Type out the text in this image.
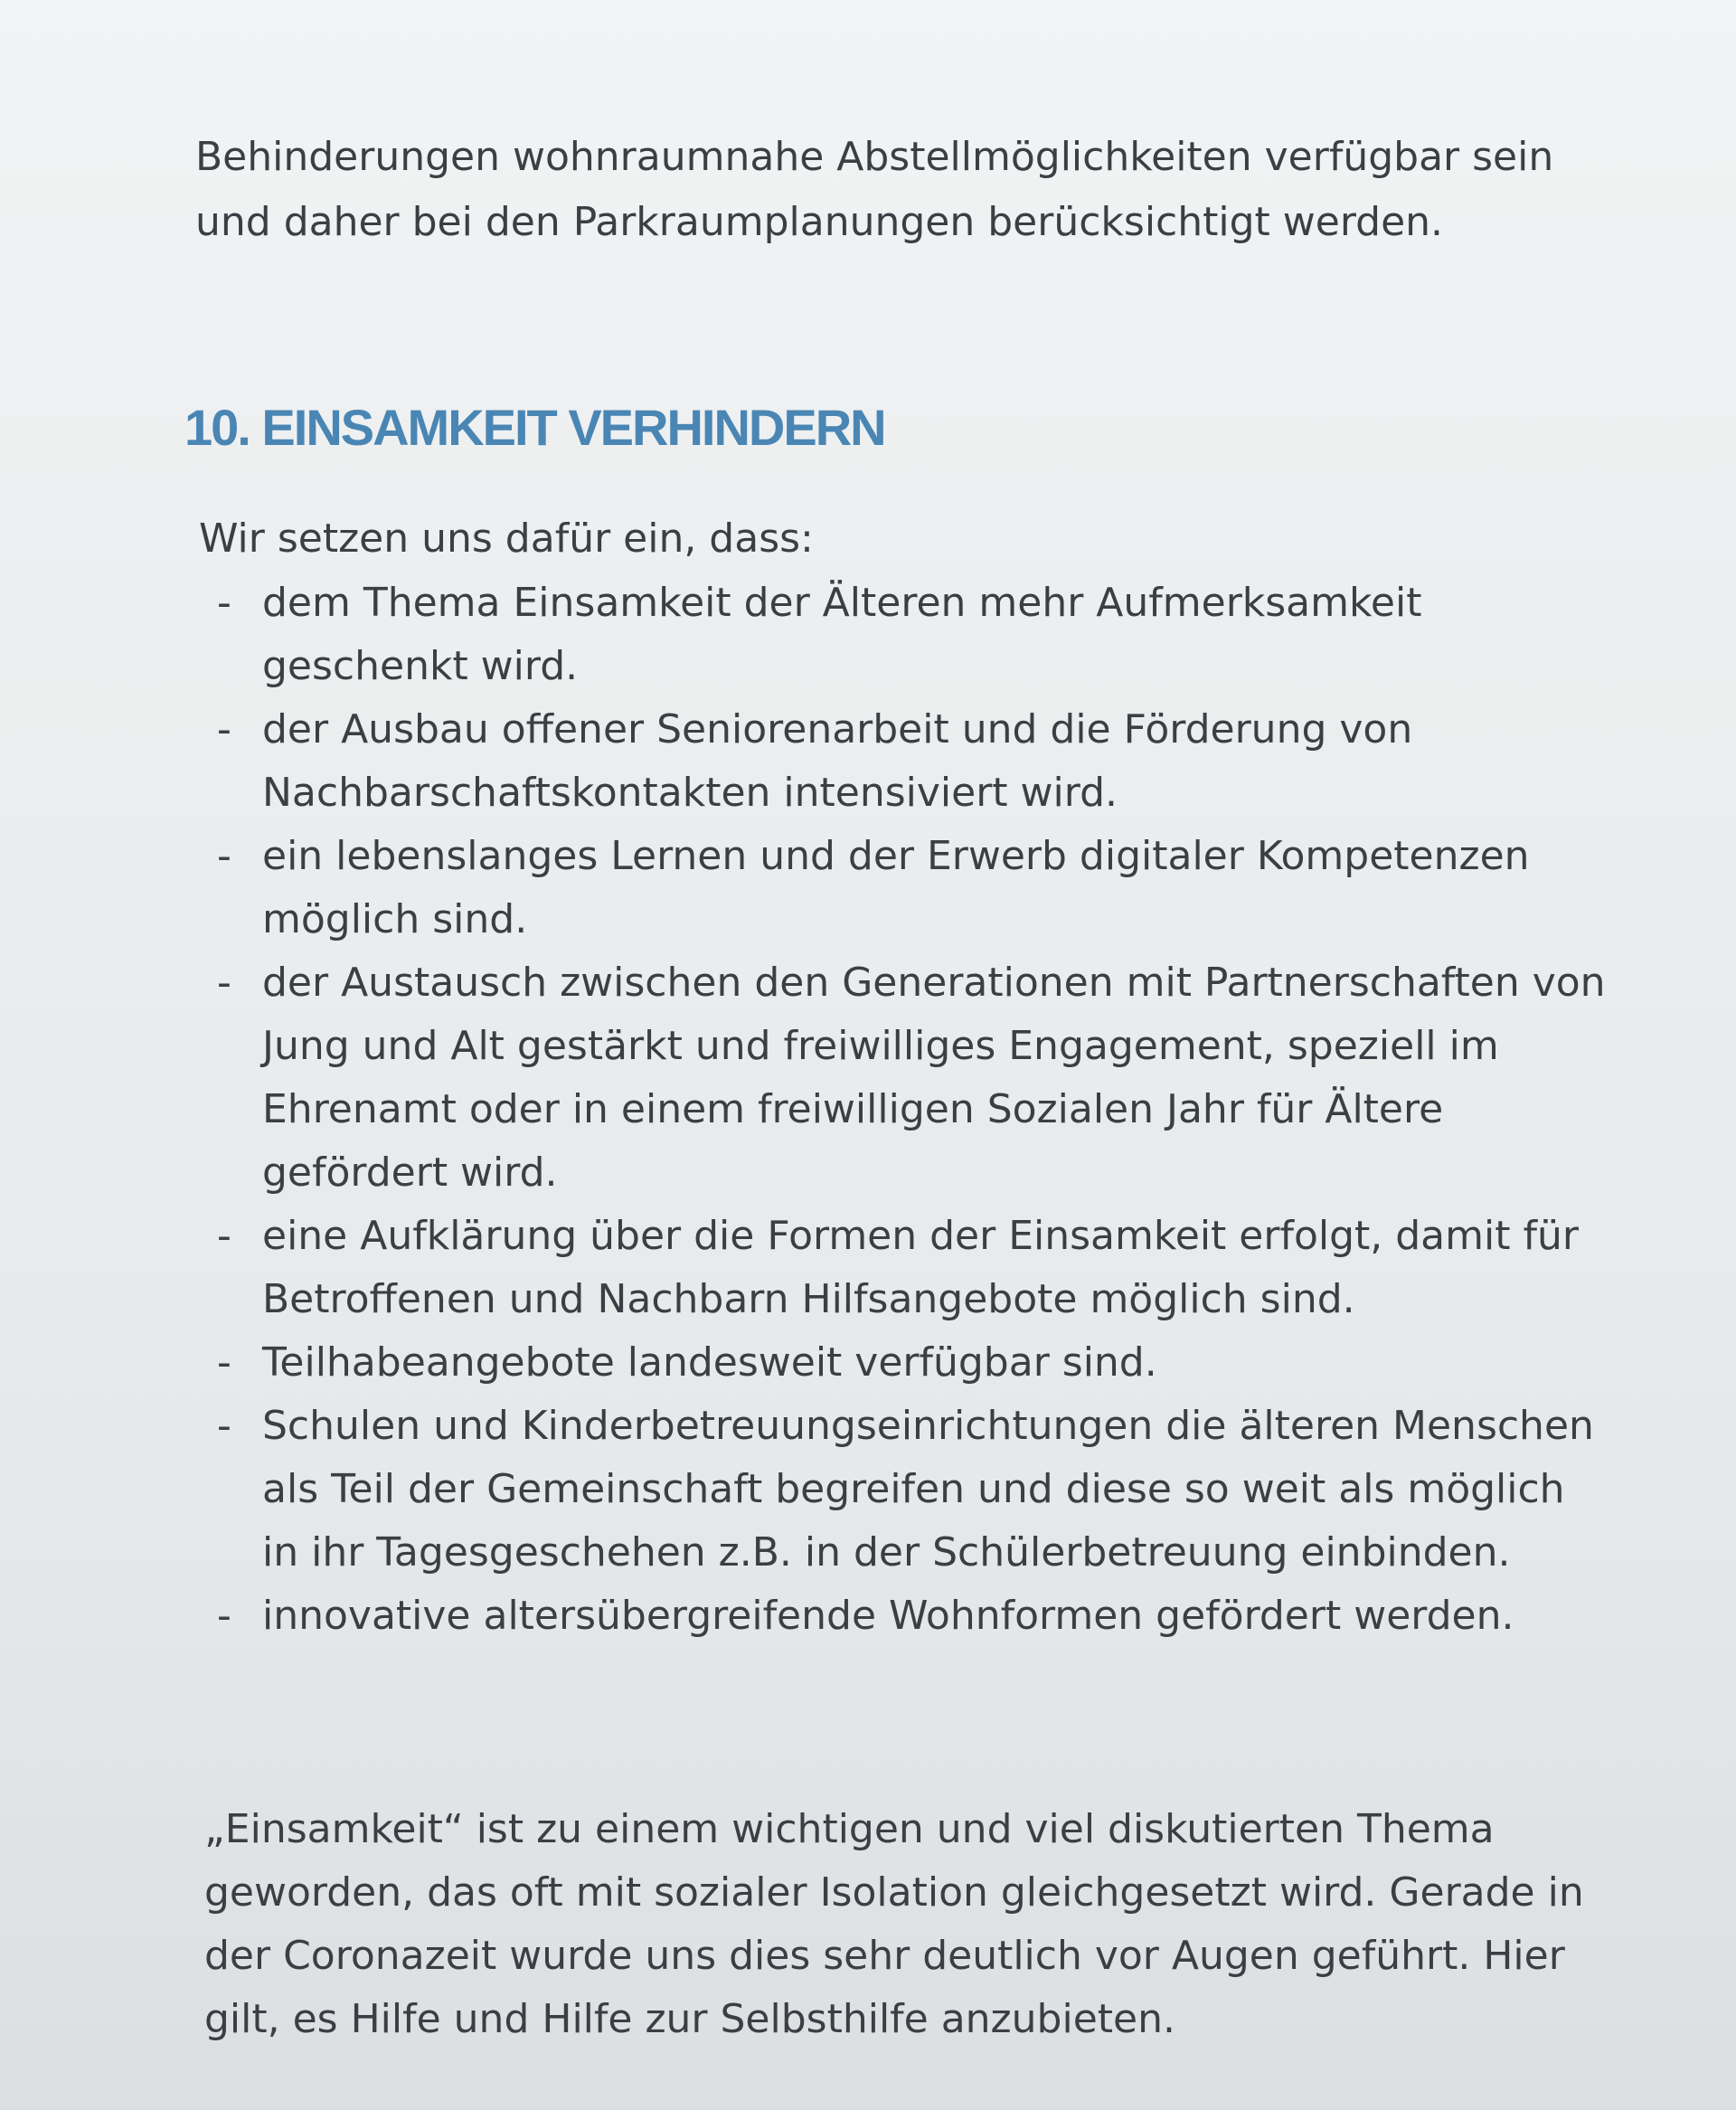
Behinderungen wohnraumnahe Abstellmöglichkeiten verfügbar sein und daher bei den Parkraumplanungen berücksichtigt werden.

10. EINSAMKEIT VERHINDERN

Wir setzen uns dafür ein, dass:

- dem Thema Einsamkeit der Älteren mehr Aufmerksamkeit geschenkt wird.
- der Ausbau offener Seniorenarbeit und die Förderung von Nachbarschaftskontakten intensiviert wird.
- ein lebenslanges Lernen und der Erwerb digitaler Kompetenzen möglich sind.
- der Austausch zwischen den Generationen mit Partnerschaften von Jung und Alt gestärkt und freiwilliges Engagement, speziell im Ehrenamt oder in einem freiwilligen Sozialen Jahr für Ältere gefördert wird.
- eine Aufklärung über die Formen der Einsamkeit erfolgt, damit für Betroffenen und Nachbarn Hilfsangebote möglich sind.
- Teilhabeangebote landesweit verfügbar sind.
- Schulen und Kinderbetreuungseinrichtungen die älteren Menschen als Teil der Gemeinschaft begreifen und diese so weit als möglich in ihr Tagesgeschehen z.B. in der Schülerbetreuung einbinden.
- innovative altersübergreifende Wohnformen gefördert werden.

„Einsamkeit“ ist zu einem wichtigen und viel diskutierten Thema geworden, das oft mit sozialer Isolation gleichgesetzt wird. Gerade in der Coronazeit wurde uns dies sehr deutlich vor Augen geführt. Hier gilt, es Hilfe und Hilfe zur Selbsthilfe anzubieten.
